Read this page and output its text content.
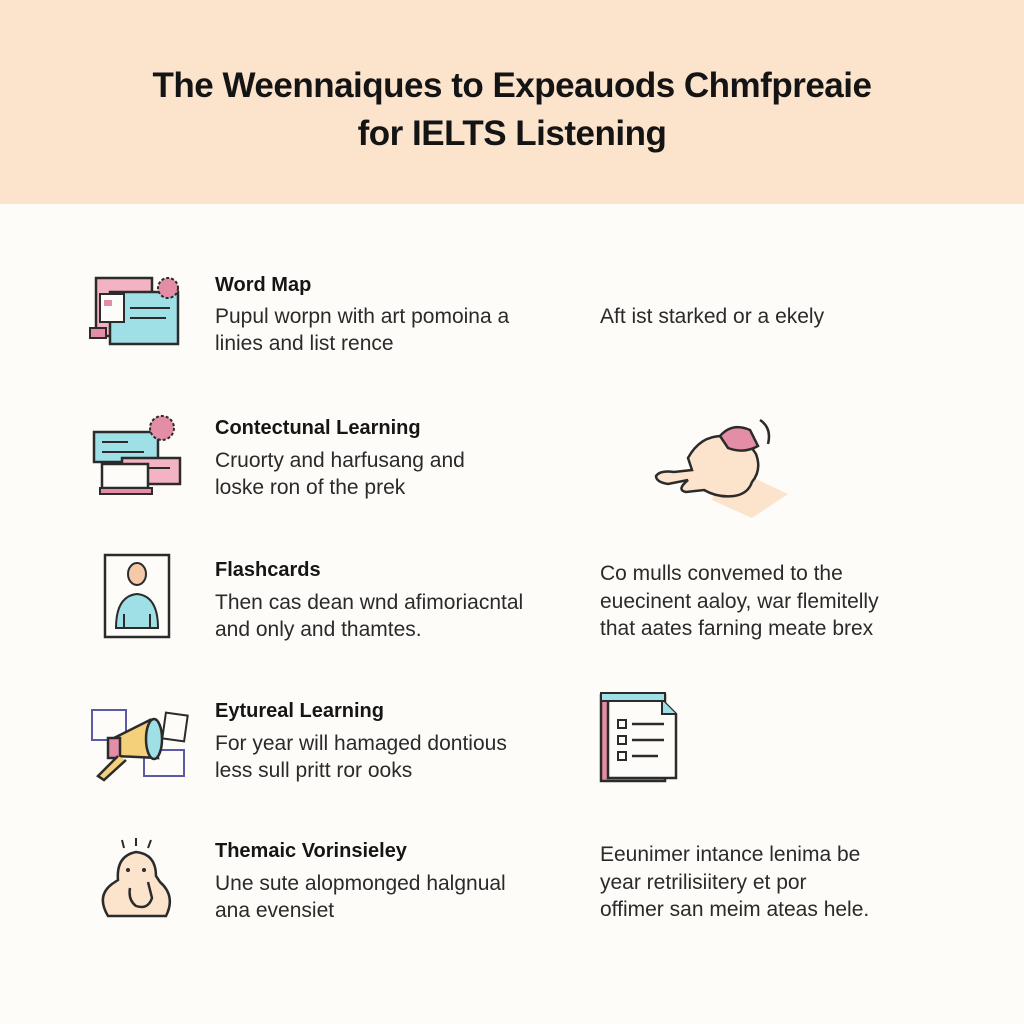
The Weennaiques to Expeauods Chmfpreaie
for IELTS Listening
Word Map
Pupul worpn with art pomoina a
linies and list rence
Aft ist starked or a ekely
Contectunal Learning
Cruorty and harfusang and
loske ron of the prek
Flashcards
Then cas dean wnd afimoriacntal
and only and thamtes.
Co mulls convemed to the
euecinent aaloy, war flemitelly
that aates farning meate brex
Eytureal Learning
For year will hamaged dontious
less sull pritt ror ooks
Themaic Vorinsieley
Une sute alopmonged halgnual
ana evensiet
Eeunimer intance lenima be
year retrilisiitery et por
offimer san meim ateas hele.
